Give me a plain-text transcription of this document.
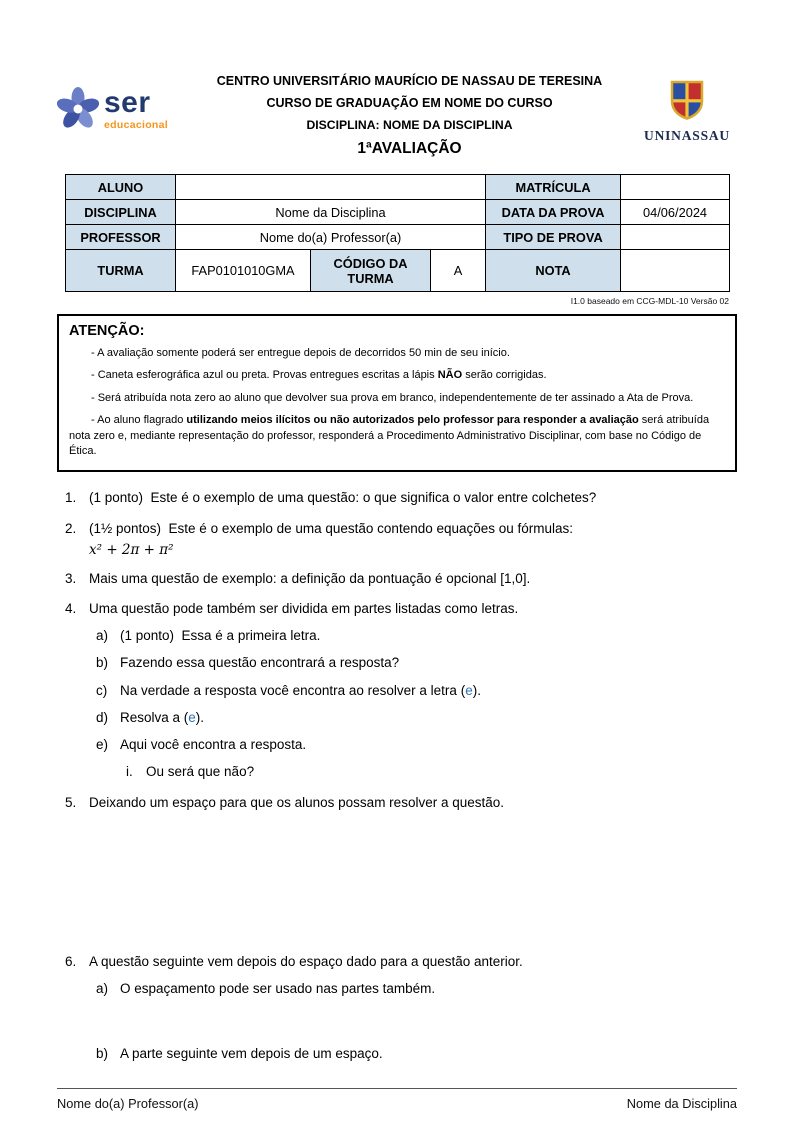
ser
educacional
CENTRO UNIVERSITÁRIO MAURÍCIO DE NASSAU DE TERESINA
CURSO DE GRADUAÇÃO EM NOME DO CURSO
DISCIPLINA: NOME DA DISCIPLINA
1ªAVALIAÇÃO
UNINASSAU
ALUNO				MATRÍCULA	
DISCIPLINA	Nome da Disciplina			DATA DA PROVA	04/06/2024
PROFESSOR	Nome do(a) Professor(a)			TIPO DE PROVA	
TURMA	FAP0101010GMA	CÓDIGO DA TURMA	A	NOTA	
I1.0 baseado em CCG-MDL-10 Versão 02
ATENÇÃO:
- A avaliação somente poderá ser entregue depois de decorridos 50 min de seu início.
- Caneta esferográfica azul ou preta. Provas entregues escritas a lápis NÃO serão corrigidas.
- Será atribuída nota zero ao aluno que devolver sua prova em branco, independentemente de ter assinado a Ata de Prova.
- Ao aluno flagrado utilizando meios ilícitos ou não autorizados pelo professor para responder a avaliação será atribuída nota zero e, mediante representação do professor, responderá a Procedimento Administrativo Disciplinar, com base no Código de Ética.
1. (1 ponto)  Este é o exemplo de uma questão: o que significa o valor entre colchetes?
2. (1½ pontos)  Este é o exemplo de uma questão contendo equações ou fórmulas:
x² + 2π + π²
3. Mais uma questão de exemplo: a definição da pontuação é opcional [1,0].
4. Uma questão pode também ser dividida em partes listadas como letras.
a) (1 ponto)  Essa é a primeira letra.
b) Fazendo essa questão encontrará a resposta?
c) Na verdade a resposta você encontra ao resolver a letra (e).
d) Resolva a (e).
e) Aqui você encontra a resposta.
i. Ou será que não?
5. Deixando um espaço para que os alunos possam resolver a questão.
6. A questão seguinte vem depois do espaço dado para a questão anterior.
a) O espaçamento pode ser usado nas partes também.
b) A parte seguinte vem depois de um espaço.
Nome do(a) Professor(a)	Nome da Disciplina
